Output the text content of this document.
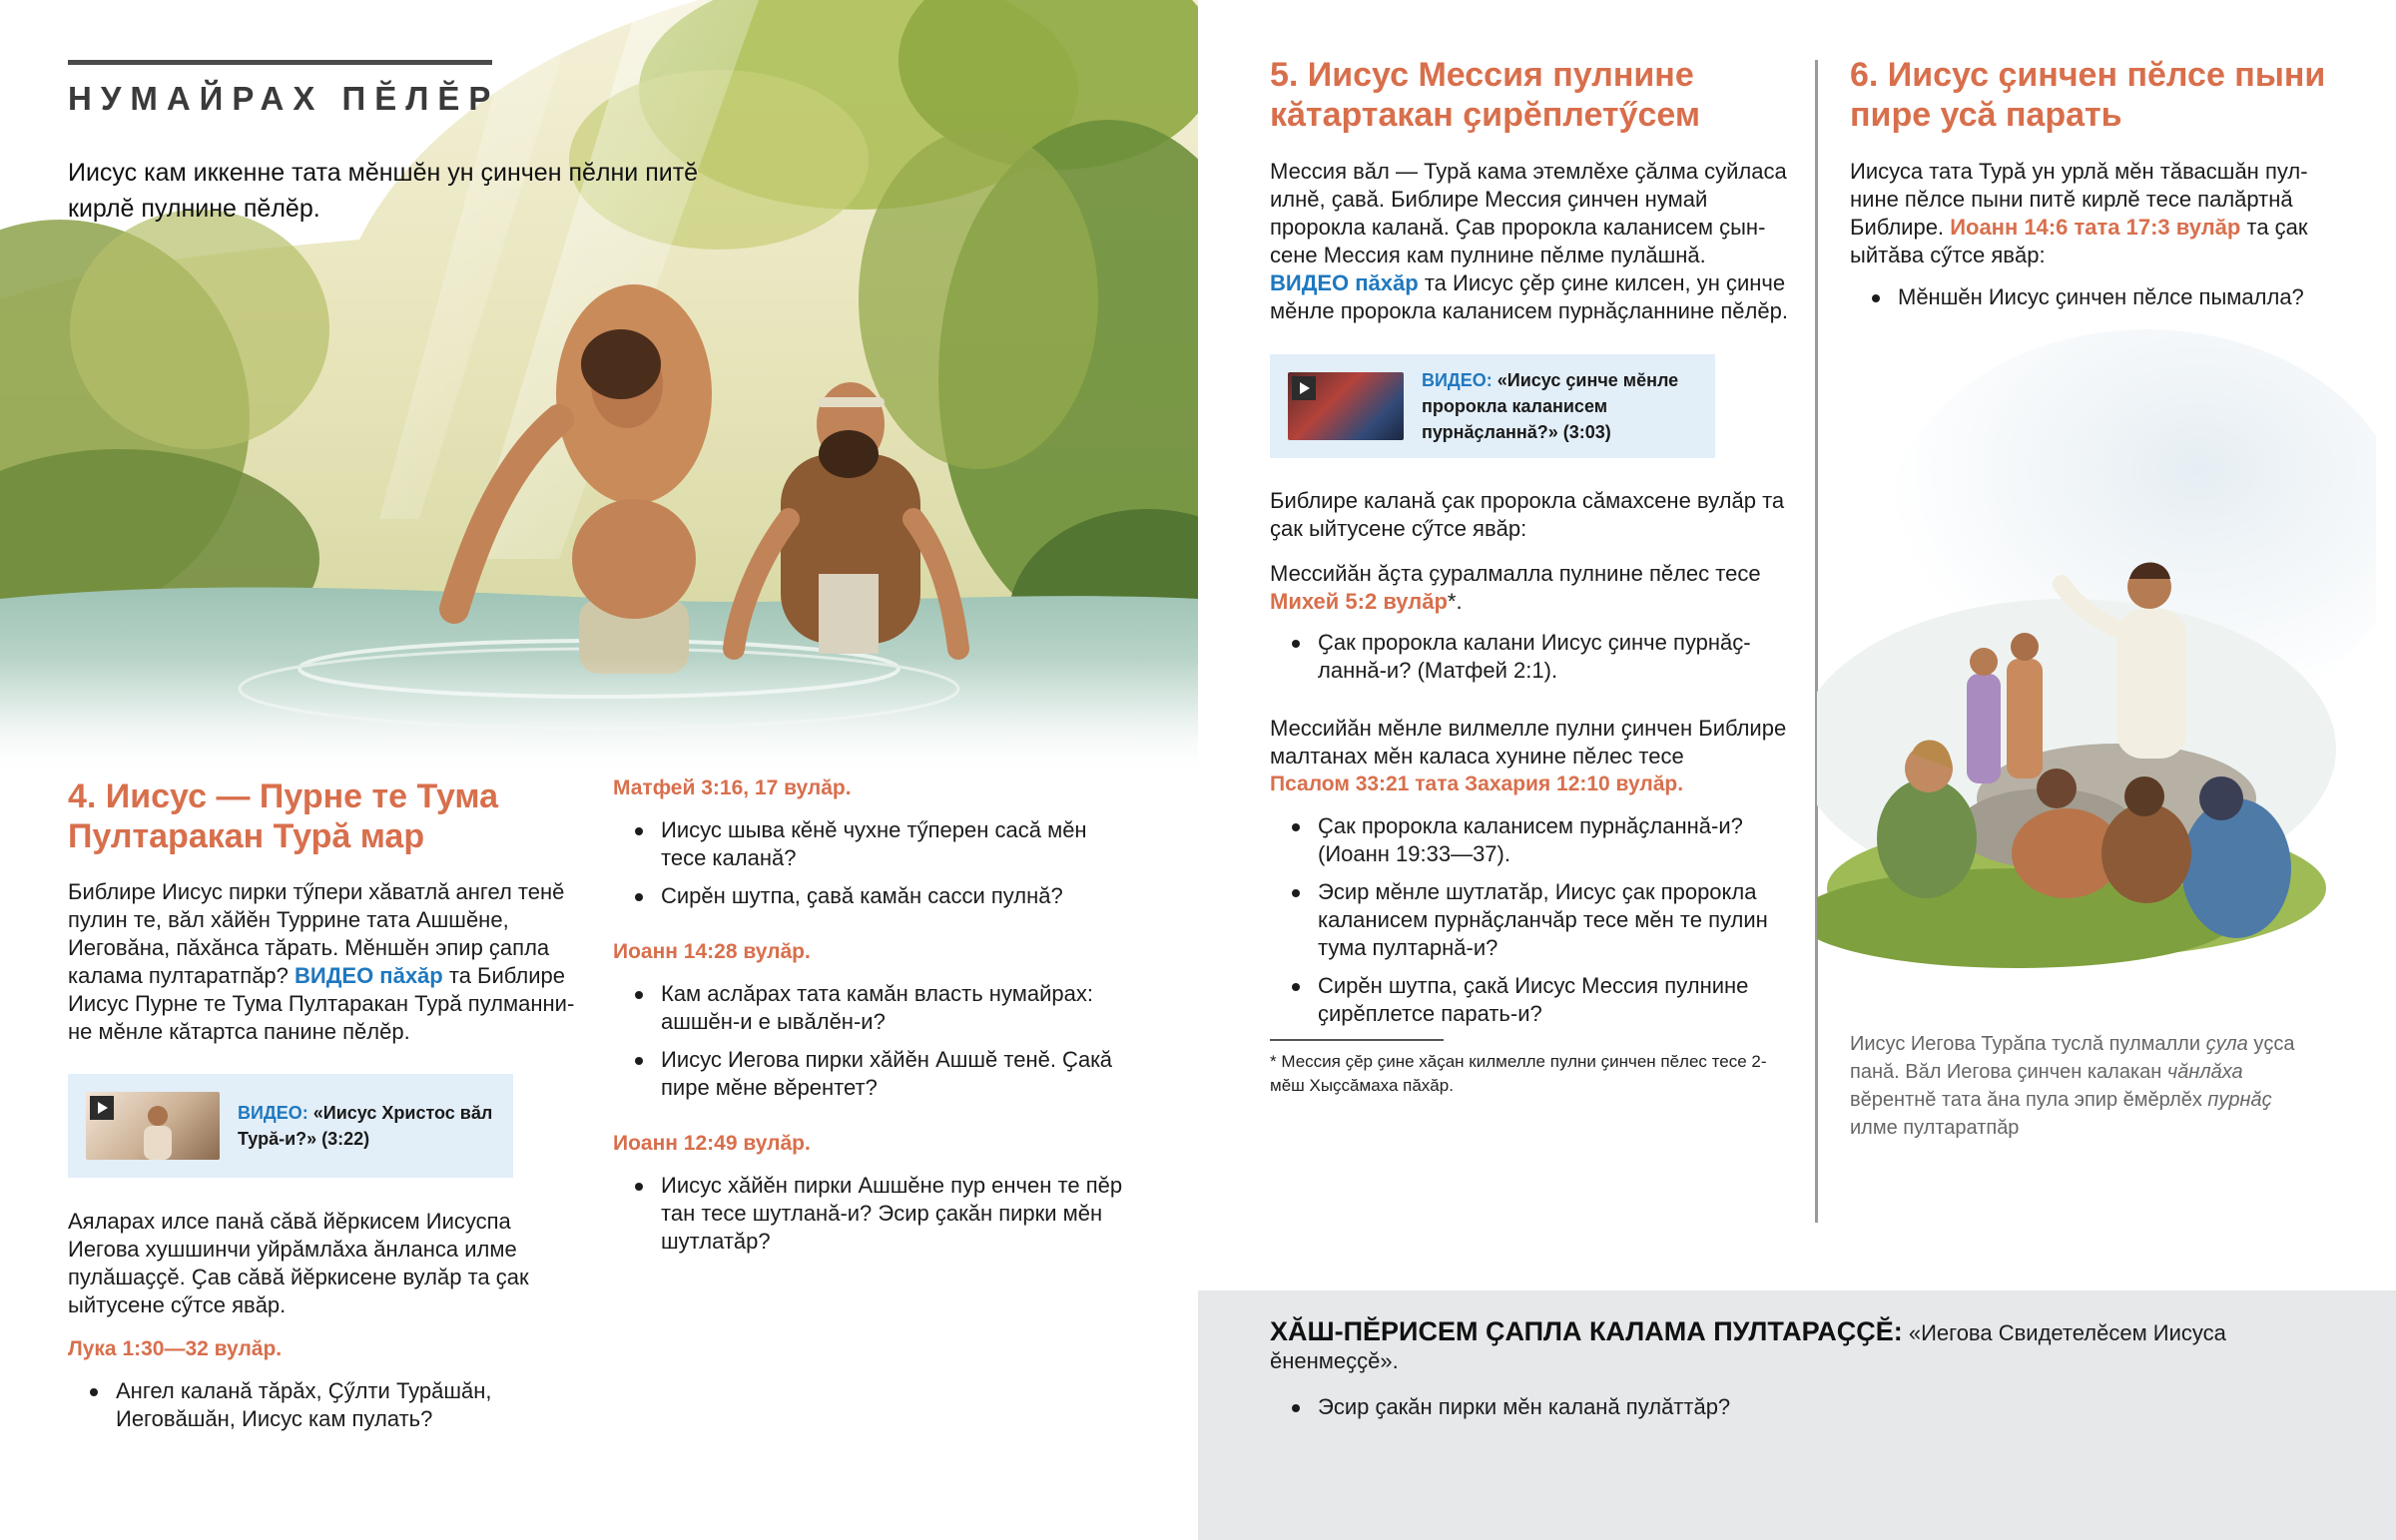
НУМАЙРАХ ПĔЛĔР
Иисус кам иккенне тата мĕншĕн ун ҫинчен пĕлни питĕ кирлĕ пулнине пĕлĕр.
4. Иисус — Пурне те Тума
Пултаракан Турă мар
Библире Иисус пирки тӳпери хăватлă ангел тенĕ пулин те, вăл хăйĕн Туррине тата Ашшĕне, Иеговăна, пăхăнса тăрать. Мĕншĕн эпир ҫапла калама пултаратпăр? ВИДЕО пăхăр та Библире Иисус Пурне те Тума Пултаракан Турă пулманнине мĕнле кăтартса панине пĕлĕр.
ВИДЕО: «Иисус Христос вăл Турă-и?» (3:22)
Аяларах илсе панă сăвă йĕркисем Иисуспа Иегова хушшинчи уйрăмлăха ăнланса илме пулăшаҫҫĕ. Ҫав сăвă йĕркисене вулăр та ҫак ыйтусене сӳтсе явăр.
Лука 1:30—32 вулăр.
Ангел каланă тăрăх, Ҫӳлти Турăшăн, Иеговăшăн, Иисус кам пулать?
Матфей 3:16, 17 вулăр.
Иисус шыва кĕнĕ чухне тӳперен сасă мĕн тесе каланă?
Сирĕн шутпа, ҫавă камăн сасси пулнă?
Иоанн 14:28 вулăр.
Кам аслăрах тата камăн власть нумайрах: ашшĕн-и е ывăлĕн-и?
Иисус Иегова пирки хăйĕн Ашшĕ тенĕ. Ҫакă пире мĕне вĕрентет?
Иоанн 12:49 вулăр.
Иисус хăйĕн пирки Ашшĕне пур енчен те пĕр тан тесе шутланă-и? Эсир ҫакăн пирки мĕн шутлатăр?
5. Иисус Мессия пулнине
кăтартакан ҫирĕплетӳсем
Мессия вăл — Турă кама этемлĕхе ҫăлма суйласа илнĕ, ҫавă. Библире Мессия ҫинчен нумай пророкла каланă. Ҫав пророкла каланисем ҫынсене Мессия кам пулнине пĕлме пулăшнă. ВИДЕО пăхăр та Иисус ҫĕр ҫине килсен, ун ҫинче мĕнле пророкла каланисем пурнăҫланнине пĕлĕр.
ВИДЕО: «Иисус ҫинче мĕнле пророкла каланисем пурнăҫланнă?» (3:03)
Библире каланă ҫак пророкла сăмахсене вулăр та ҫак ыйтусене сӳтсе явăр:
Мессийăн ăҫта ҫуралмалла пулнине пĕлес тесе Михей 5:2 вулăр*.
Ҫак пророкла калани Иисус ҫинче пурнăҫланнă-и? (Матфей 2:1).
Мессийăн мĕнле вилмелле пулни ҫинчен Библире малтанах мĕн каласа хунине пĕлес тесе
Псалом 33:21 тата Захария 12:10 вулăр.
Ҫак пророкла каланисем пурнăҫланнă-и? (Иоанн 19:33—37).
Эсир мĕнле шутлатăр, Иисус ҫак пророкла каланисем пурнăҫланчăр тесе мĕн те пулин тума пултарнă-и?
Сирĕн шутпа, ҫакă Иисус Мессия пулнине ҫирĕплетсе парать-и?
* Мессия ҫĕр ҫине хăҫан килмелле пулни ҫинчен пĕлес тесе 2-мĕш Хыҫсăмаха пăхăр.
6. Иисус ҫинчен пĕлсе пыни
пире усă парать
Иисуса тата Турă ун урлă мĕн тăвасшăн пулнине пĕлсе пыни питĕ кирлĕ тесе палăртнă Библире. Иоанн 14:6 тата 17:3 вулăр та ҫак ыйтăва сӳтсе явăр:
Мĕншĕн Иисус ҫинчен пĕлсе пымалла?
Иисус Иегова Турăпа туслă пулмалли ҫула уҫса панă. Вăл Иегова ҫинчен калакан чăнлăха вĕрентнĕ тата ăна пула эпир ĕмĕрлĕх пурнăҫ илме пултаратпăр
ХĂШ-ПĔРИСЕМ ҪАПЛА КАЛАМА ПУЛТАРАҪҪĔ: «Иегова Свидетелĕсем Иисуса ĕненмеҫҫĕ».
Эсир ҫакăн пирки мĕн каланă пулăттăр?
